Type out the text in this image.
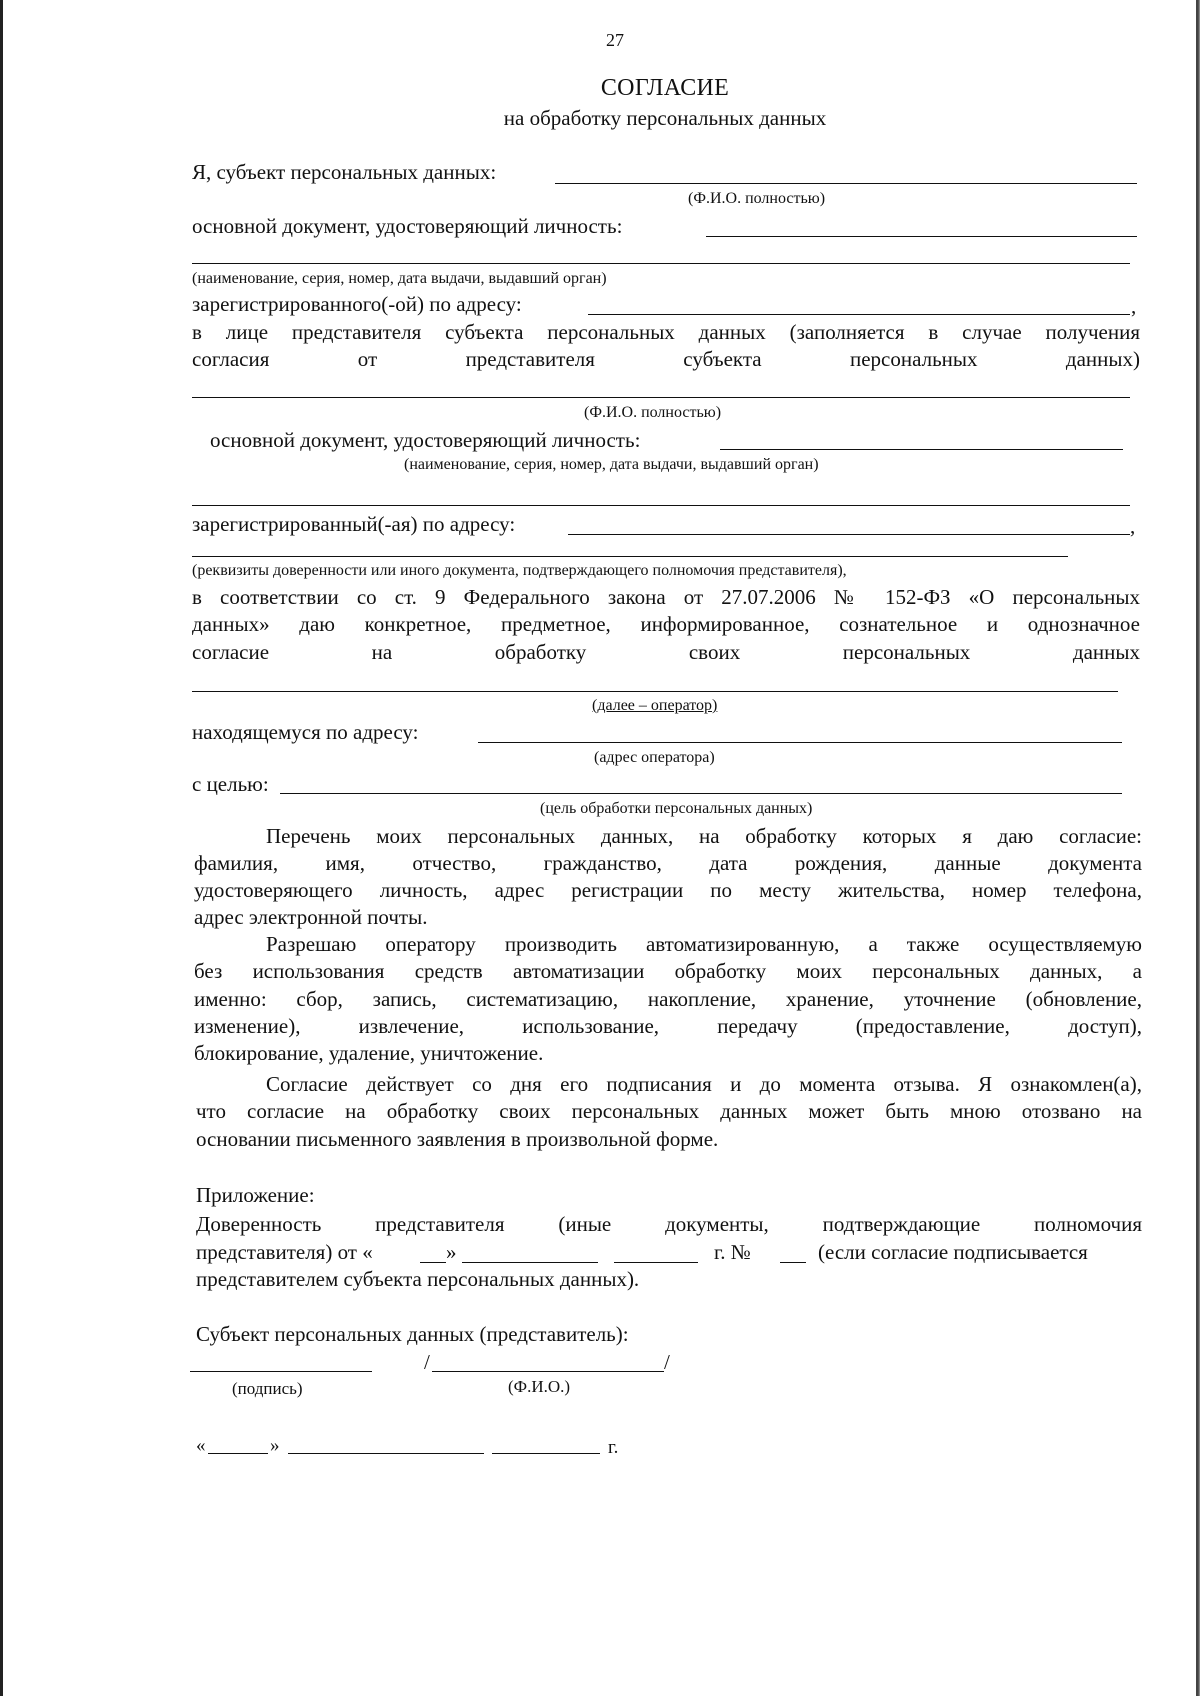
27
СОГЛАСИЕ
на обработку персональных данных
Я, субъект персональных данных:
(Ф.И.О. полностью)
основной документ, удостоверяющий личность:
(наименование, серия, номер, дата выдачи, выдавший орган)
зарегистрированного(-ой) по адресу:	,
в лице представителя субъекта персональных данных (заполняется в случае получения
согласия от представителя субъекта персональных данных)
(Ф.И.О. полностью)
основной документ, удостоверяющий личность:
(наименование, серия, номер, дата выдачи, выдавший орган)
зарегистрированный(-ая) по адресу:	,
(реквизиты доверенности или иного документа, подтверждающего полномочия представителя),
в соответствии со ст. 9 Федерального закона от 27.07.2006 № 152-ФЗ «О персональных
данных» даю конкретное, предметное, информированное, сознательное и однозначное
согласие на обработку своих персональных данных
(далее – оператор)
находящемуся по адресу:
(адрес оператора)
с целью:
(цель обработки персональных данных)
Перечень моих персональных данных, на обработку которых я даю согласие:
фамилия, имя, отчество, гражданство, дата рождения, данные документа
удостоверяющего личность, адрес регистрации по месту жительства, номер телефона,
адрес электронной почты.
Разрешаю оператору производить автоматизированную, а также осуществляемую
без использования средств автоматизации обработку моих персональных данных, а
именно: сбор, запись, систематизацию, накопление, хранение, уточнение (обновление,
изменение), извлечение, использование, передачу (предоставление, доступ),
блокирование, удаление, уничтожение.
Согласие действует со дня его подписания и до момента отзыва. Я ознакомлен(а),
что согласие на обработку своих персональных данных может быть мною отозвано на
основании письменного заявления в произвольной форме.
Приложение:
Доверенность представителя (иные документы, подтверждающие полномочия
представителя) от «	»	г. №	(если согласие подписывается
представителем субъекта персональных данных).
Субъект персональных данных (представитель):
/	/
(подпись)	(Ф.И.О.)
«	»	г.
